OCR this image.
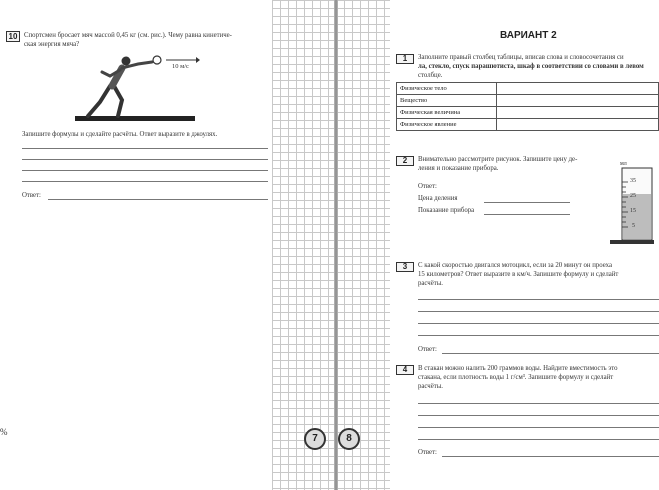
10 Спортсмен бросает мяч массой 0,45 кг (см. рис.). Чему равна кинетиче-
ская энергия мяча?
10 м/с
Запишите формулы и сделайте расчёты. Ответ выразите в джоулях.
Ответ:
%
7	8
ВАРИАНТ 2
1	Заполните правый столбец таблицы, вписав слова и словосочетания си
ла, стекло, спуск парашютиста, шкаф в соответствии со словами в левом
столбце.
Физическое тело	
Вещество	
Физическая величина	
Физическое явление	
2	Внимательно рассмотрите рисунок. Запишите цену де-
ления и показание прибора.
Ответ:
Цена деления
Показание прибора
мл
35
25
15
5
3	С какой скоростью двигался мотоцикл, если за 20 минут он проеха
15 километров? Ответ выразите в км/ч. Запишите формулу и сделайт
расчёты.
Ответ:
4	В стакан можно налить 200 граммов воды. Найдите вместимость это
стакана, если плотность воды 1 г/см³. Запишите формулу и сделайт
расчёты.
Ответ:
